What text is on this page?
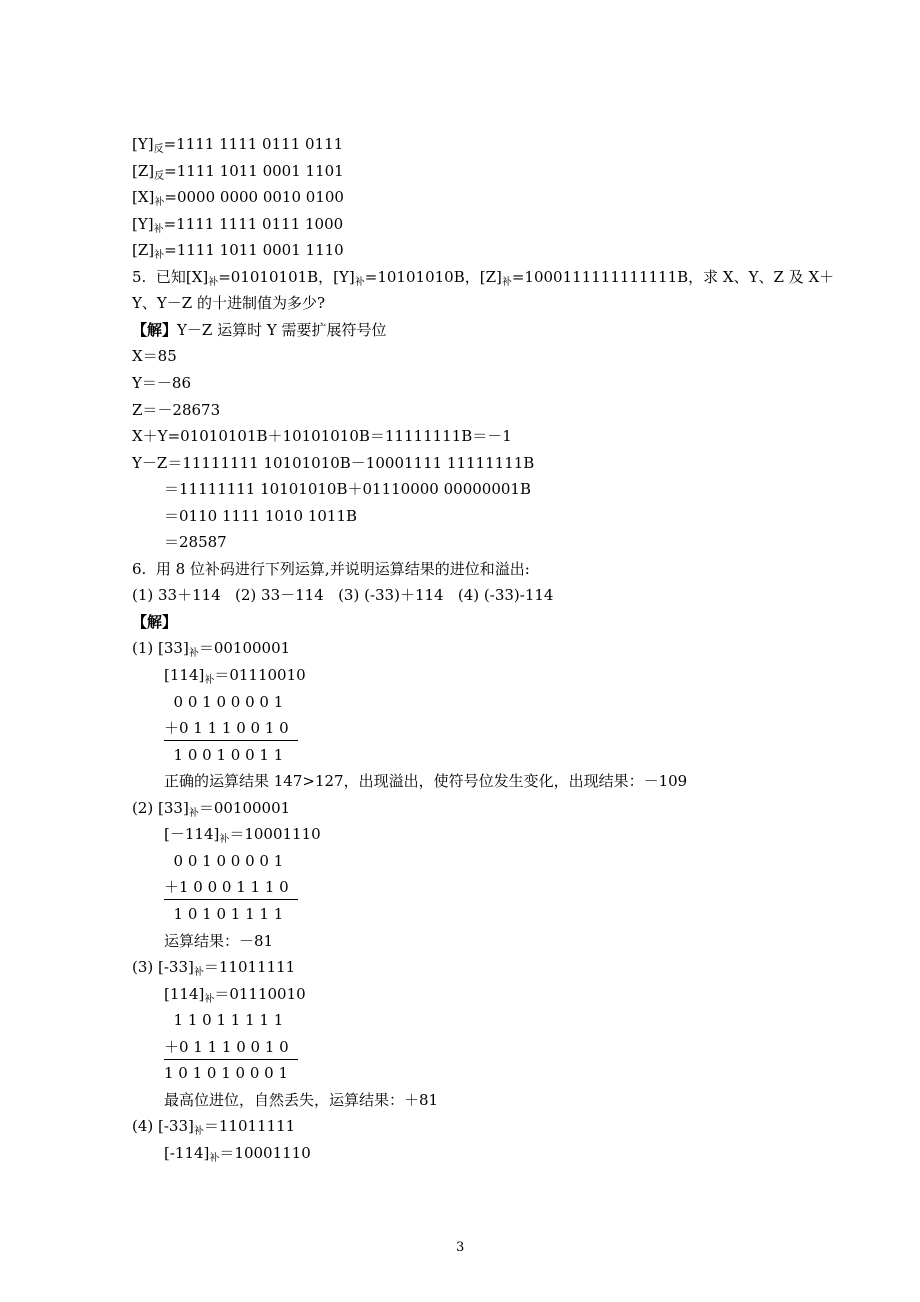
$[Y]_反=1111$ 1111 0111 0111
$[Z]_反=1111$ 1011 0001 1101
$[X]_补=0000$ 0000 0010 0100
$[Y]_补=1111$ 1111 0111 1000
$[Z]_补=1111$ 1011 0001 1110
5.  已知$[X]_补=01010101B$，$[Y]_补=10101010B$，$[Z]_补=1000111111111111B$，求 X、Y、Z 及 X＋
Y、Y－Z 的十进制值为多少?
【解】Y－Z 运算时 Y 需要扩展符号位
X＝85
Y＝－86
Z＝－28673
X＋Y=01010101B＋10101010B＝11111111B＝－1
Y－Z＝11111111 10101010B－10001111 11111111B
＝11111111 10101010B＋01110000 00000001B
＝0110 1111 1010 1011B
＝28587
6.  用 8 位补码进行下列运算,并说明运算结果的进位和溢出:
(1) 33＋114   (2) 33－114   (3) (-33)＋114   (4) (-33)-114
【解】
(1) $[33]_补=00100001$
$[114]_补=01110010$
0 0 1 0 0 0 0 1
＋0 1 1 1 0 0 1 0
1 0 0 1 0 0 1 1
正确的运算结果 147>127，出现溢出，使符号位发生变化，出现结果：－109
(2) $[33]_补=00100001$
$[-114]_补=10001110$
0 0 1 0 0 0 0 1
＋1 0 0 0 1 1 1 0
1 0 1 0 1 1 1 1
运算结果：－81
(3) $[-33]_补=11011111$
$[114]_补=01110010$
1 1 0 1 1 1 1 1
＋0 1 1 1 0 0 1 0
1 0 1 0 1 0 0 0 1
最高位进位，自然丢失，运算结果：＋81
(4) $[-33]_补=11011111$
$[-114]_补=10001110$
3
